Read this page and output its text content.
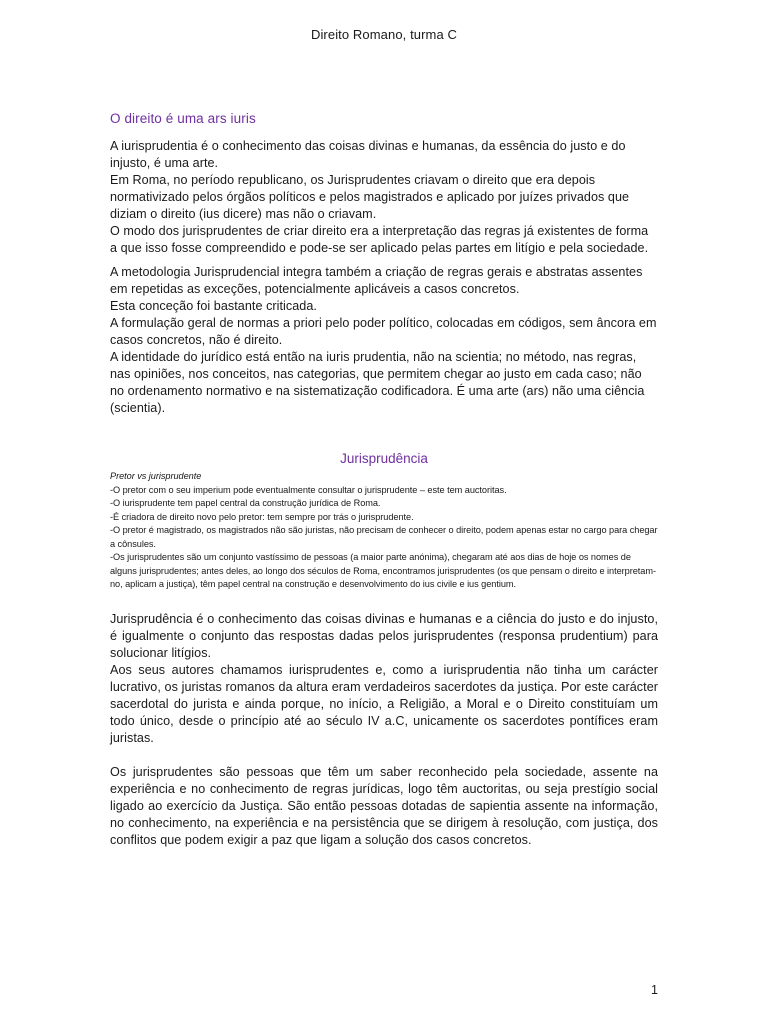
Direito Romano, turma C
O direito é uma ars iuris

A iurisprudentia é o conhecimento das coisas divinas e humanas, da essência do justo e do injusto, é uma arte.

Em Roma, no período republicano, os Jurisprudentes criavam o direito que era depois normativizado pelos órgãos políticos e pelos magistrados e aplicado por juízes privados que diziam o direito (ius dicere) mas não o criavam.

O modo dos jurisprudentes de criar direito era a interpretação das regras já existentes de forma a que isso fosse compreendido e pode-se ser aplicado pelas partes em litígio e pela sociedade.

A metodologia Jurisprudencial integra também a criação de regras gerais e abstratas assentes em repetidas as exceções, potencialmente aplicáveis a casos concretos.

Esta conceção foi bastante criticada.

A formulação geral de normas a priori pelo poder político, colocadas em códigos, sem âncora em casos concretos, não é direito.

A identidade do jurídico está então na iuris prudentia, não na scientia; no método, nas regras, nas opiniões, nos conceitos, nas categorias, que permitem chegar ao justo em cada caso; não no ordenamento normativo e na sistematização codificadora. É uma arte (ars) não uma ciência (scientia).

Jurisprudência

Pretor vs jurisprudente

-O pretor com o seu imperium pode eventualmente consultar o jurisprudente – este tem auctoritas.

-O iurisprudente tem papel central da construção jurídica de Roma.

-É criadora de direito novo pelo pretor: tem sempre por trás o jurisprudente.

-O pretor é magistrado, os magistrados não são juristas, não precisam de conhecer o direito, podem apenas estar no cargo para chegar a cônsules.

-Os jurisprudentes são um conjunto vastíssimo de pessoas (a maior parte anónima), chegaram até aos dias de hoje os nomes de alguns jurisprudentes; antes deles, ao longo dos séculos de Roma, encontramos jurisprudentes (os que pensam o direito e interpretam-no, aplicam a justiça), têm papel central na construção e desenvolvimento do ius civile e ius gentium.

Jurisprudência é o conhecimento das coisas divinas e humanas e a ciência do justo e do injusto, é igualmente o conjunto das respostas dadas pelos jurisprudentes (responsa prudentium) para solucionar litígios.

Aos seus autores chamamos iurisprudentes e, como a iurisprudentia não tinha um carácter lucrativo, os juristas romanos da altura eram verdadeiros sacerdotes da justiça. Por este carácter sacerdotal do jurista e ainda porque, no início, a Religião, a Moral e o Direito constituíam um todo único, desde o princípio até ao século IV a.C, unicamente os sacerdotes pontífices eram juristas.

Os jurisprudentes são pessoas que têm um saber reconhecido pela sociedade, assente na experiência e no conhecimento de regras jurídicas, logo têm auctoritas, ou seja prestígio social ligado ao exercício da Justiça. São então pessoas dotadas de sapientia assente na informação, no conhecimento, na experiência e na persistência que se dirigem à resolução, com justiça, dos conflitos que podem exigir a paz que ligam a solução dos casos concretos.

1
